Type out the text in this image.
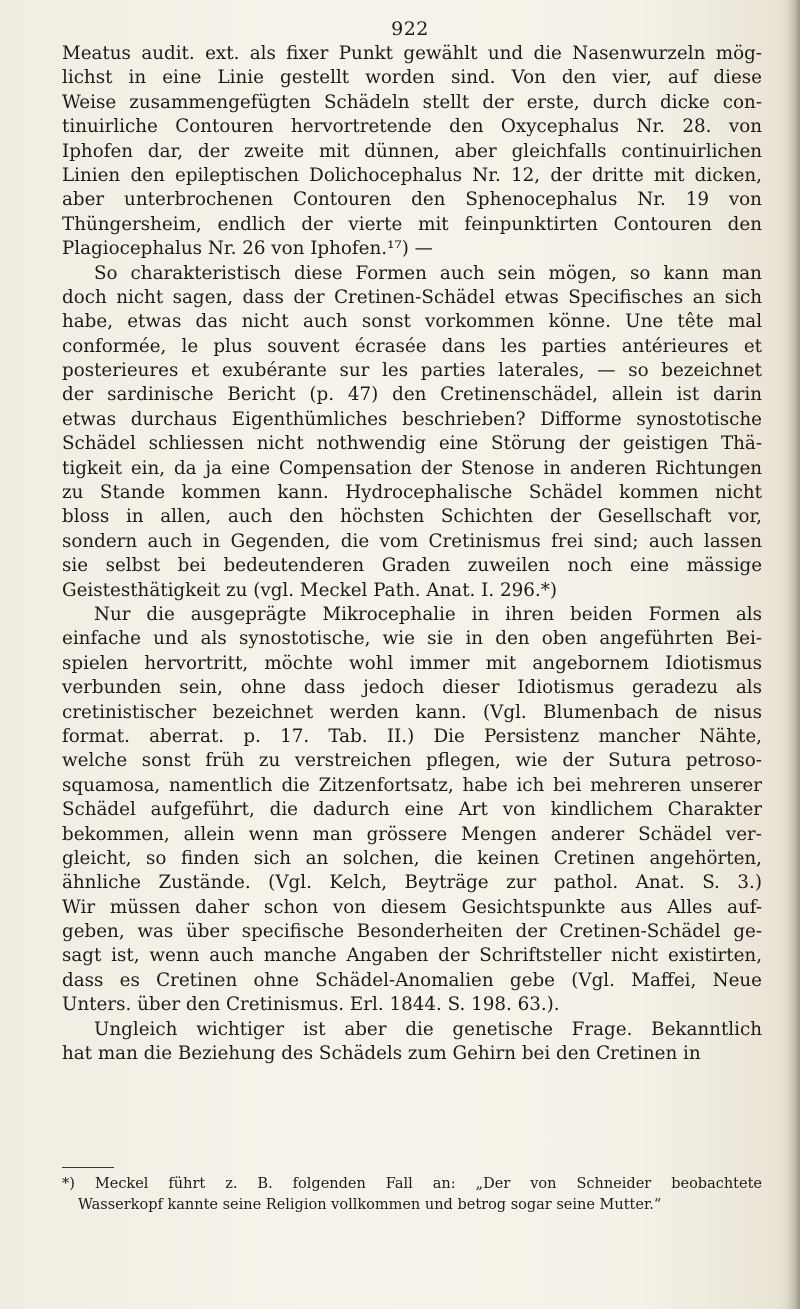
922
Meatus audit. ext. als fixer Punkt gewählt und die Nasenwurzeln mög-
lichst in eine Linie gestellt worden sind. Von den vier, auf diese
Weise zusammengefügten Schädeln stellt der erste, durch dicke con-
tinuirliche Contouren hervortretende den Oxycephalus Nr. 28. von
Iphofen dar, der zweite mit dünnen, aber gleichfalls continuirlichen
Linien den epileptischen Dolichocephalus Nr. 12, der dritte mit dicken,
aber unterbrochenen Contouren den Sphenocephalus Nr. 19 von
Thüngersheim, endlich der vierte mit feinpunktirten Contouren den
Plagiocephalus Nr. 26 von Iphofen.¹⁷) —
So charakteristisch diese Formen auch sein mögen, so kann man
doch nicht sagen, dass der Cretinen-Schädel etwas Specifisches an sich
habe, etwas das nicht auch sonst vorkommen könne. Une tête mal
conformée, le plus souvent écrasée dans les parties antérieures et
posterieures et exubérante sur les parties laterales, — so bezeichnet
der sardinische Bericht (p. 47) den Cretinenschädel, allein ist darin
etwas durchaus Eigenthümliches beschrieben? Difforme synostotische
Schädel schliessen nicht nothwendig eine Störung der geistigen Thä-
tigkeit ein, da ja eine Compensation der Stenose in anderen Richtungen
zu Stande kommen kann. Hydrocephalische Schädel kommen nicht
bloss in allen, auch den höchsten Schichten der Gesellschaft vor,
sondern auch in Gegenden, die vom Cretinismus frei sind; auch lassen
sie selbst bei bedeutenderen Graden zuweilen noch eine mässige
Geistesthätigkeit zu (vgl. Meckel Path. Anat. I. 296.*)
Nur die ausgeprägte Mikrocephalie in ihren beiden Formen als
einfache und als synostotische, wie sie in den oben angeführten Bei-
spielen hervortritt, möchte wohl immer mit angebornem Idiotismus
verbunden sein, ohne dass jedoch dieser Idiotismus geradezu als
cretinistischer bezeichnet werden kann. (Vgl. Blumenbach de nisus
format. aberrat. p. 17. Tab. II.) Die Persistenz mancher Nähte,
welche sonst früh zu verstreichen pflegen, wie der Sutura petroso-
squamosa, namentlich die Zitzenfortsatz, habe ich bei mehreren unserer
Schädel aufgeführt, die dadurch eine Art von kindlichem Charakter
bekommen, allein wenn man grössere Mengen anderer Schädel ver-
gleicht, so finden sich an solchen, die keinen Cretinen angehörten,
ähnliche Zustände. (Vgl. Kelch, Beyträge zur pathol. Anat. S. 3.)
Wir müssen daher schon von diesem Gesichtspunkte aus Alles auf-
geben, was über specifische Besonderheiten der Cretinen-Schädel ge-
sagt ist, wenn auch manche Angaben der Schriftsteller nicht existirten,
dass es Cretinen ohne Schädel-Anomalien gebe (Vgl. Maffei, Neue
Unters. über den Cretinismus. Erl. 1844. S. 198. 63.).
Ungleich wichtiger ist aber die genetische Frage. Bekanntlich
hat man die Beziehung des Schädels zum Gehirn bei den Cretinen in
*) Meckel führt z. B. folgenden Fall an: „Der von Schneider beobachtete
Wasserkopf kannte seine Religion vollkommen und betrog sogar seine Mutter.“
